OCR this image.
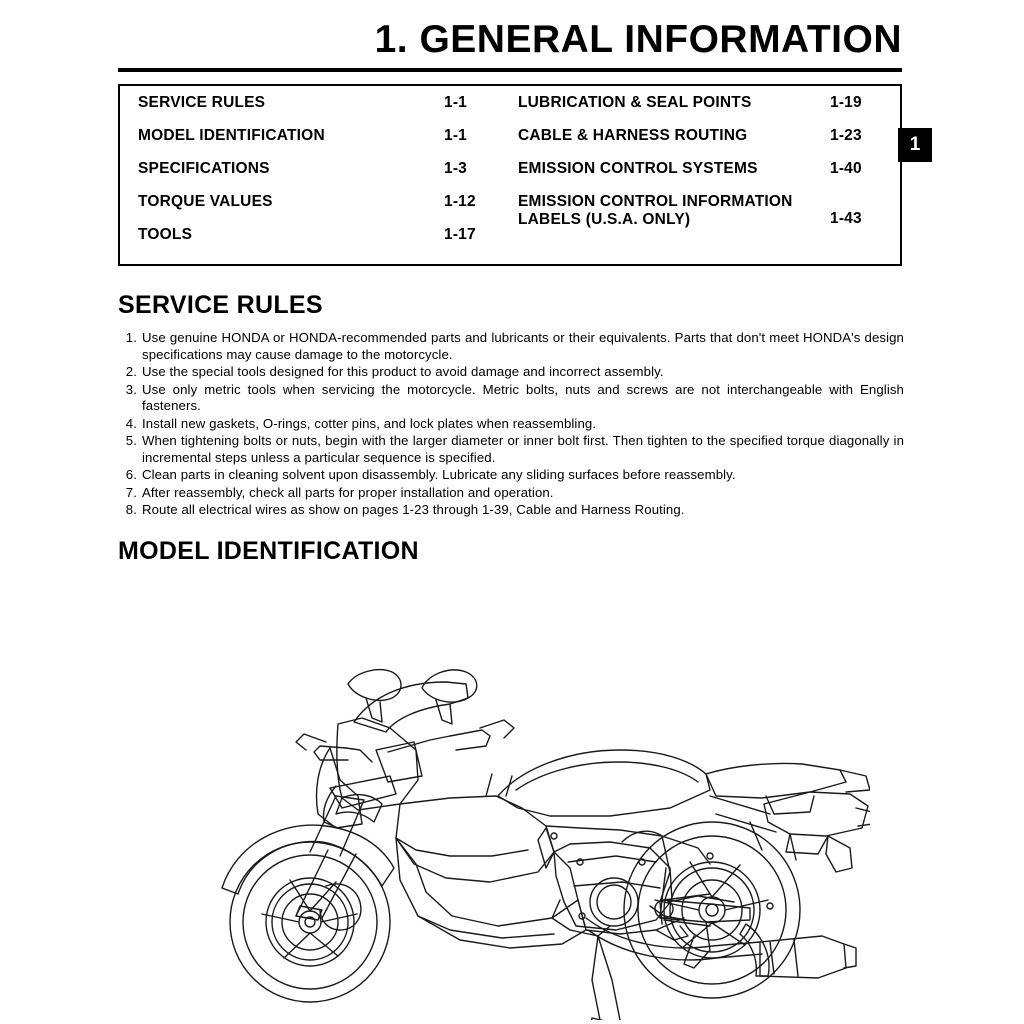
1. GENERAL INFORMATION
SERVICE RULES	1-1
MODEL IDENTIFICATION	1-1
SPECIFICATIONS	1-3
TORQUE VALUES	1-12
TOOLS	1-17
LUBRICATION & SEAL POINTS	1-19
CABLE & HARNESS ROUTING	1-23
EMISSION CONTROL SYSTEMS	1-40
EMISSION CONTROL INFORMATION LABELS (U.S.A. ONLY)	1-43
1
SERVICE RULES
1. Use genuine HONDA or HONDA-recommended parts and lubricants or their equivalents. Parts that don't meet HONDA's design specifications may cause damage to the motorcycle.
2. Use the special tools designed for this product to avoid damage and incorrect assembly.
3. Use only metric tools when servicing the motorcycle. Metric bolts, nuts and screws are not interchangeable with English fasteners.
4. Install new gaskets, O-rings, cotter pins, and lock plates when reassembling.
5. When tightening bolts or nuts, begin with the larger diameter or inner bolt first. Then tighten to the specified torque diagonally in incremental steps unless a particular sequence is specified.
6. Clean parts in cleaning solvent upon disassembly. Lubricate any sliding surfaces before reassembly.
7. After reassembly, check all parts for proper installation and operation.
8. Route all electrical wires as show on pages 1-23 through 1-39, Cable and Harness Routing.
MODEL IDENTIFICATION
